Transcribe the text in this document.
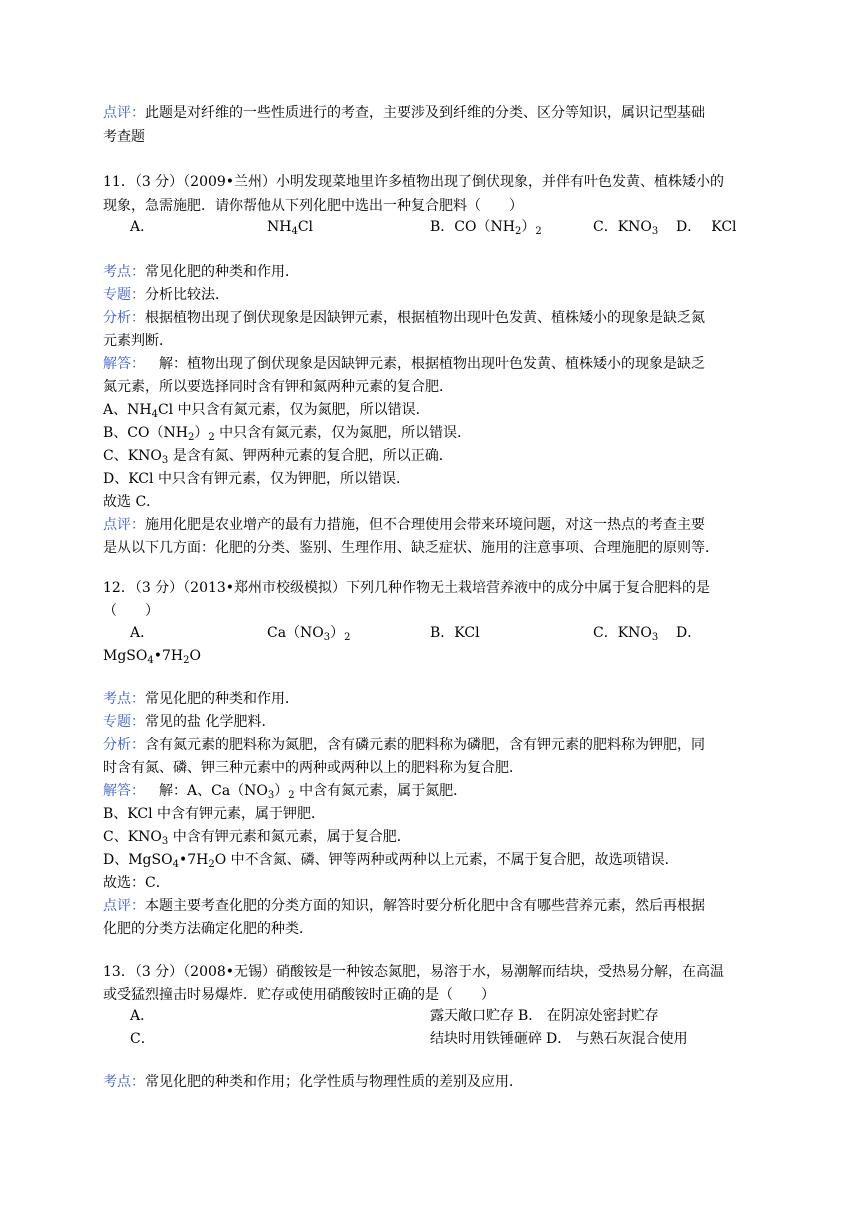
点评：此题是对纤维的一些性质进行的考查，主要涉及到纤维的分类、区分等知识，属识记型基础
考查题
11．（3 分）（2009•兰州）小明发现菜地里许多植物出现了倒伏现象，并伴有叶色发黄、植株矮小的
现象，急需施肥．请你帮他从下列化肥中选出一种复合肥料（　　）
A．	$NH_4Cl$	B．$CO(NH_2)_2$	C．$KNO_3$ D． KCl
考点：常见化肥的种类和作用．
专题：分析比较法．
分析：根据植物出现了倒伏现象是因缺钾元素，根据植物出现叶色发黄、植株矮小的现象是缺乏氮
元素判断．
解答： 解：植物出现了倒伏现象是因缺钾元素，根据植物出现叶色发黄、植株矮小的现象是缺乏
氮元素，所以要选择同时含有钾和氮两种元素的复合肥．
A、$NH_4Cl$ 中只含有氮元素，仅为氮肥，所以错误．
B、$CO(NH_2)_2$ 中只含有氮元素，仅为氮肥，所以错误．
C、$KNO_3$ 是含有氮、钾两种元素的复合肥，所以正确．
D、KCl 中只含有钾元素，仅为钾肥，所以错误．
故选 C．
点评：施用化肥是农业增产的最有力措施，但不合理使用会带来环境问题，对这一热点的考查主要
是从以下几方面：化肥的分类、鉴别、生理作用、缺乏症状、施用的注意事项、合理施肥的原则等．
12．（3 分）（2013•郑州市校级模拟）下列几种作物无土栽培营养液中的成分中属于复合肥料的是
（　　）
A．	$Ca(NO_3)_2$	B．KCl	C．$KNO_3$ D．
$MgSO_4•7H_2O$
考点：常见化肥的种类和作用．
专题：常见的盐 化学肥料．
分析：含有氮元素的肥料称为氮肥，含有磷元素的肥料称为磷肥，含有钾元素的肥料称为钾肥，同
时含有氮、磷、钾三种元素中的两种或两种以上的肥料称为复合肥．
解答： 解：A、$Ca(NO_3)_2$ 中含有氮元素，属于氮肥．
B、KCl 中含有钾元素，属于钾肥．
C、$KNO_3$ 中含有钾元素和氮元素，属于复合肥．
D、$MgSO_4•7H_2O$ 中不含氮、磷、钾等两种或两种以上元素，不属于复合肥，故选项错误．
故选：C．
点评：本题主要考查化肥的分类方面的知识，解答时要分析化肥中含有哪些营养元素，然后再根据
化肥的分类方法确定化肥的种类．
13．（3 分）（2008•无锡）硝酸铵是一种铵态氮肥，易溶于水，易潮解而结块，受热易分解，在高温
或受猛烈撞击时易爆炸．贮存或使用硝酸铵时正确的是（　　）
A．	露天敞口贮存 B． 在阴凉处密封贮存
C．	结块时用铁锤砸碎 D． 与熟石灰混合使用
考点：常见化肥的种类和作用；化学性质与物理性质的差别及应用．
